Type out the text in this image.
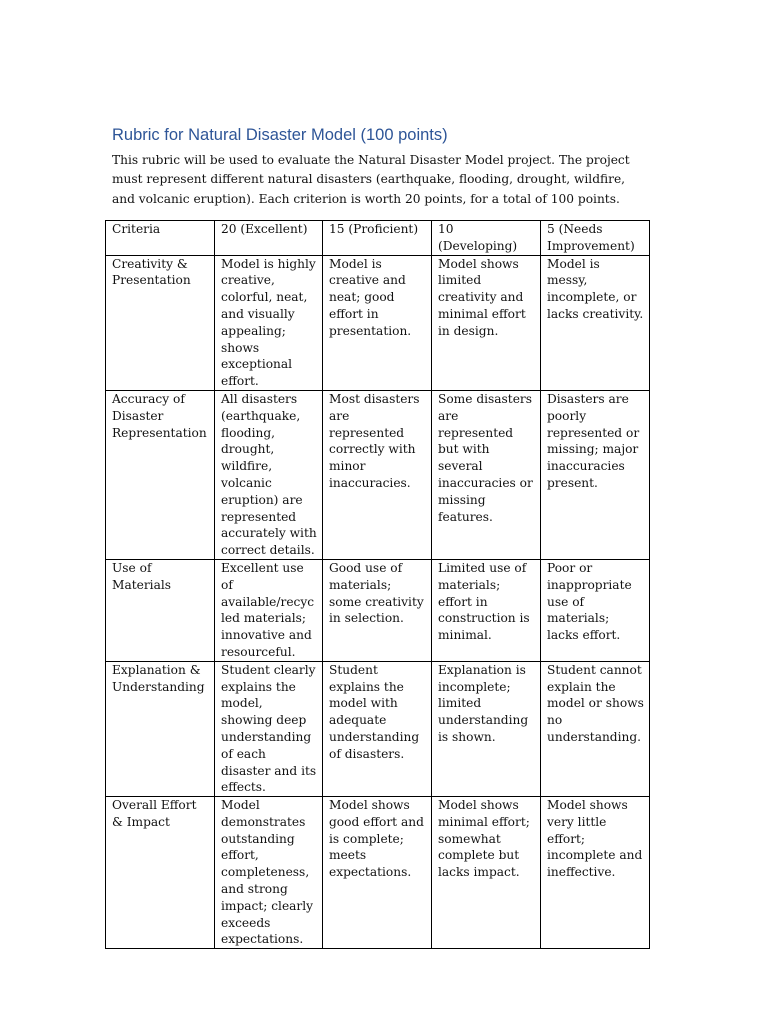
Rubric for Natural Disaster Model (100 points)

This rubric will be used to evaluate the Natural Disaster Model project. The project must represent different natural disasters (earthquake, flooding, drought, wildfire, and volcanic eruption). Each criterion is worth 20 points, for a total of 100 points.

Criteria	20 (Excellent)	15 (Proficient)	10 (Developing)	5 (Needs Improvement)
Creativity & Presentation	Model is highly creative, colorful, neat, and visually appealing; shows exceptional effort.	Model is creative and neat; good effort in presentation.	Model shows limited creativity and minimal effort in design.	Model is messy, incomplete, or lacks creativity.
Accuracy of Disaster Representation	All disasters (earthquake, flooding, drought, wildfire, volcanic eruption) are represented accurately with correct details.	Most disasters are represented correctly with minor inaccuracies.	Some disasters are represented but with several inaccuracies or missing features.	Disasters are poorly represented or missing; major inaccuracies present.
Use of Materials	Excellent use of available/recycled materials; innovative and resourceful.	Good use of materials; some creativity in selection.	Limited use of materials; effort in construction is minimal.	Poor or inappropriate use of materials; lacks effort.
Explanation & Understanding	Student clearly explains the model, showing deep understanding of each disaster and its effects.	Student explains the model with adequate understanding of disasters.	Explanation is incomplete; limited understanding is shown.	Student cannot explain the model or shows no understanding.
Overall Effort & Impact	Model demonstrates outstanding effort, completeness, and strong impact; clearly exceeds expectations.	Model shows good effort and is complete; meets expectations.	Model shows minimal effort; somewhat complete but lacks impact.	Model shows very little effort; incomplete and ineffective.
